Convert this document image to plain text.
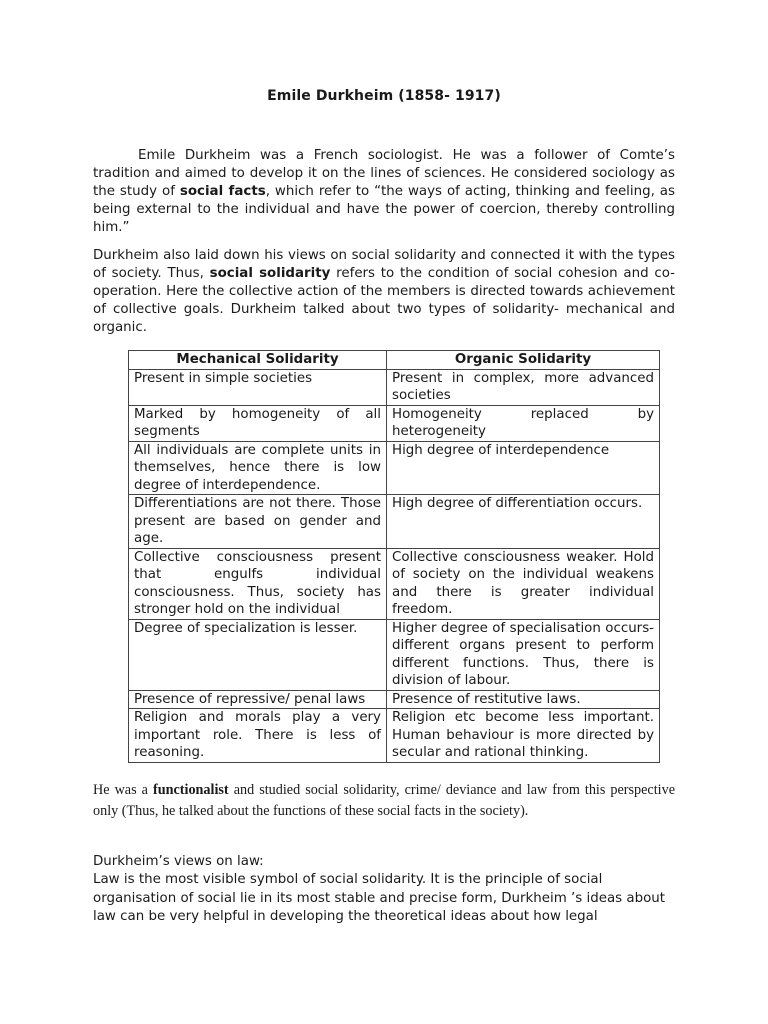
Emile Durkheim (1858- 1917)
Emile Durkheim was a French sociologist. He was a follower of Comte’s tradition and aimed to develop it on the lines of sciences. He considered sociology as the study of social facts, which refer to “the ways of acting, thinking and feeling, as being external to the individual and have the power of coercion, thereby controlling him.”
Durkheim also laid down his views on social solidarity and connected it with the types of society. Thus, social solidarity refers to the condition of social cohesion and co-operation. Here the collective action of the members is directed towards achievement of collective goals. Durkheim talked about two types of solidarity- mechanical and organic.
Mechanical Solidarity	Organic Solidarity
Present in simple societies	Present in complex, more advanced societies
Marked by homogeneity of all segments	Homogeneity replaced by heterogeneity
All individuals are complete units in themselves, hence there is low degree of interdependence.	High degree of interdependence
Differentiations are not there. Those present are based on gender and age.	High degree of differentiation occurs.
Collective consciousness present that engulfs individual consciousness. Thus, society has stronger hold on the individual	Collective consciousness weaker. Hold of society on the individual weakens and there is greater individual freedom.
Degree of specialization is lesser.	Higher degree of specialisation occurs- different organs present to perform different functions. Thus, there is division of labour.
Presence of repressive/ penal laws	Presence of restitutive laws.
Religion and morals play a very important role. There is less of reasoning.	Religion etc become less important. Human behaviour is more directed by secular and rational thinking.
He was a functionalist and studied social solidarity, crime/ deviance and law from this perspective only (Thus, he talked about the functions of these social facts in the society).
Durkheim’s views on law:
Law is the most visible symbol of social solidarity. It is the principle of social organisation of social lie in its most stable and precise form, Durkheim ’s ideas about law can be very helpful in developing the theoretical ideas about how legal
